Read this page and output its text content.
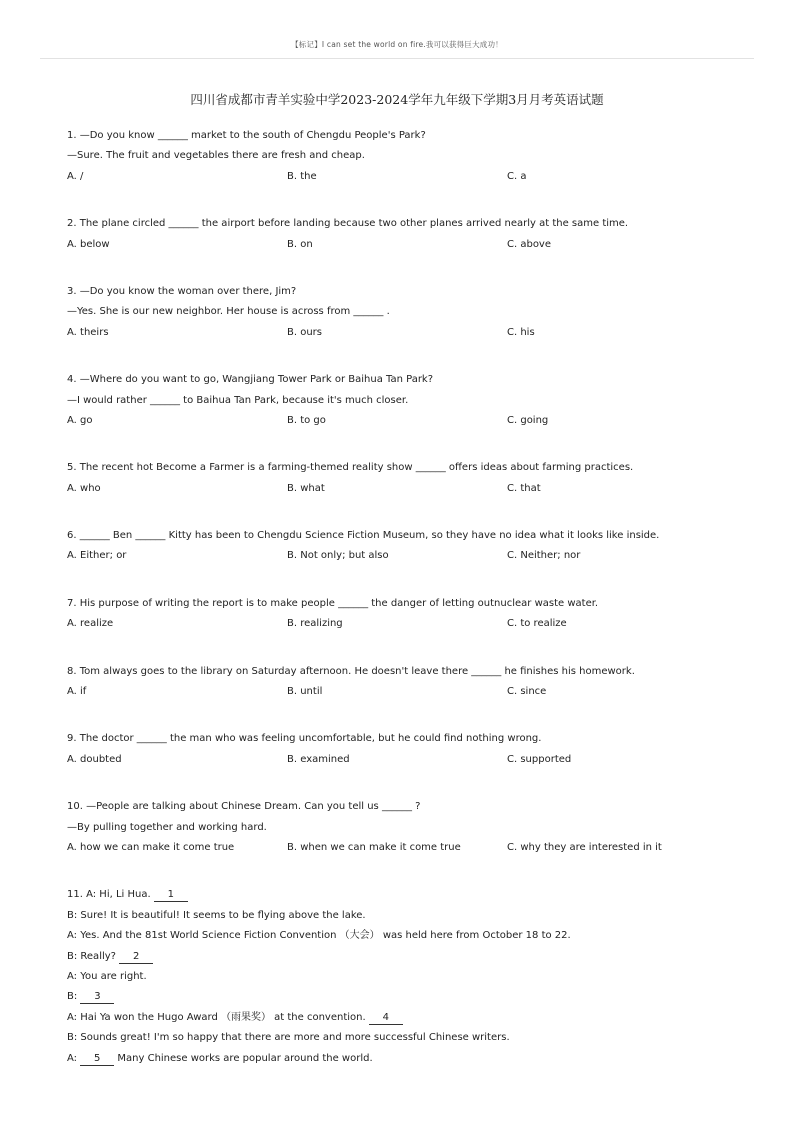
【标记】I can set the world on fire.我可以获得巨大成功！
四川省成都市青羊实验中学2023-2024学年九年级下学期3月月考英语试题
1. —Do you know ______ market to the south of Chengdu People's Park?
—Sure. The fruit and vegetables there are fresh and cheap.
A. /	B. the	C. a
2. The plane circled ______ the airport before landing because two other planes arrived nearly at the same time.
A. below	B. on	C. above
3. —Do you know the woman over there, Jim?
—Yes. She is our new neighbor. Her house is across from ______ .
A. theirs	B. ours	C. his
4. —Where do you want to go, Wangjiang Tower Park or Baihua Tan Park?
—I would rather ______ to Baihua Tan Park, because it's much closer.
A. go	B. to go	C. going
5. The recent hot Become a Farmer is a farming-themed reality show ______ offers ideas about farming practices.
A. who	B. what	C. that
6. ______ Ben ______ Kitty has been to Chengdu Science Fiction Museum, so they have no idea what it looks like inside.
A. Either; or	B. Not only; but also	C. Neither; nor
7. His purpose of writing the report is to make people ______ the danger of letting outnuclear waste water.
A. realize	B. realizing	C. to realize
8. Tom always goes to the library on Saturday afternoon. He doesn't leave there ______ he finishes his homework.
A. if	B. until	C. since
9. The doctor ______ the man who was feeling uncomfortable, but he could find nothing wrong.
A. doubted	B. examined	C. supported
10. —People are talking about Chinese Dream. Can you tell us ______ ?
—By pulling together and working hard.
A. how we can make it come true	B. when we can make it come true	C. why they are interested in it
11. A: Hi, Li Hua. 1
B: Sure! It is beautiful! It seems to be flying above the lake.
A: Yes. And the 81st World Science Fiction Convention （大会） was held here from October 18 to 22.
B: Really? 2
A: You are right.
B: 3
A: Hai Ya won the Hugo Award （雨果奖） at the convention. 4
B: Sounds great! I'm so happy that there are more and more successful Chinese writers.
A: 5 Many Chinese works are popular around the world.
